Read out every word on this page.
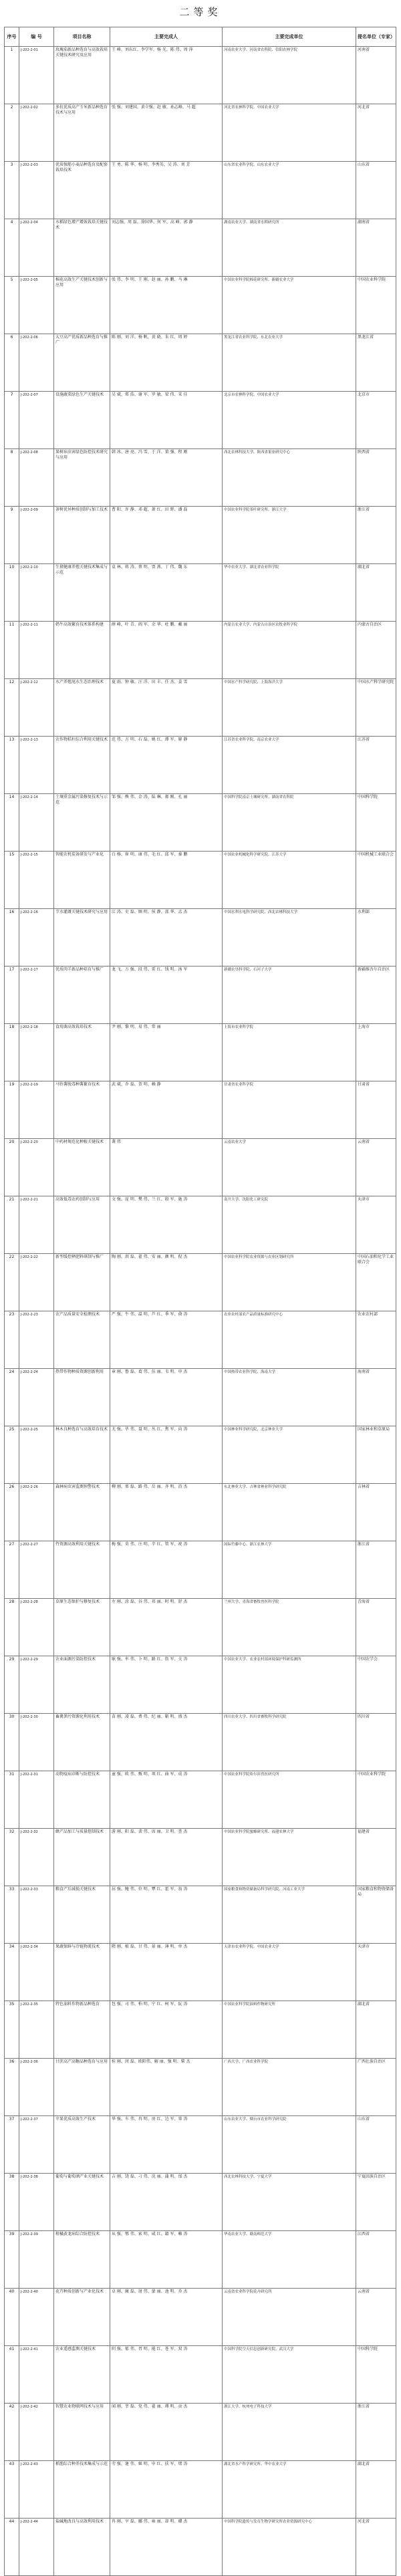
二等奖
序号	编 号	项目名称	主要完成人	主要完成单位	提名单位（专家）
1	J-202-2-01	玫瑰茄新品种选育与高效栽培关键技术研究及应用	王 峰、刘东红、李学军、杨 光、陈 伟、周 萍	河南农业大学、河南省农科院、信阳农林学院	河南省
2	J-202-2-02	多抗优质高产玉米新品种选育技术与应用	张 强、刘建国、黄立强、赵 敏、孙志峰、马 超	河北省农林科学院、中国农业大学	河北省
3	J-202-2-03	优质强筋小麦品种选育及配套栽培技术	王 勇、陈 华、杨 明、李秀英、吴 涛、刘 芳	山东省农业科学院、山东农业大学	山东省
4	J-202-2-04	水稻绿色增产增效栽培关键技术	刘志强、周 磊、徐国华、何 军、高 峰、郭 静	湖南农业大学、湖南省水稻研究所	湖南省
5	J-202-2-05	棉花高效生产关键技术创新与应用	张 伟、李 明、王 刚、赵 丽、孙 鹏、马 琳	中国农业科学院棉花研究所、新疆农业大学	中国农业科学院
6	J-202-2-06	大豆高产优质新品种选育与推广	陈 刚、刘 洋、杨 帆、黄 晓、朱 红、周 婷	黑龙江省农业科学院、东北农业大学	黑龙江省
7	J-202-2-07	设施蔬菜绿色生产关键技术	吴 斌、郑 浩、谢 军、罗 敏、梁 伟、宋 佳	北京市农林科学院、中国农业大学	北京市
8	J-202-2-08	果树病虫害绿色防控技术研究与应用	韩 冰、唐 亮、冯 雪、于 洋、董 强、程 刚	西北农林科技大学、陕西省果业研究中心	陕西省
9	J-202-2-09	茶树优异种质创制与加工技术	曹 阳、许 静、邓 超、萧 红、田 野、潘 磊	中国农业科学院茶叶研究所、浙江大学	浙江省
10	J-202-2-10	生猪健康养殖关键技术集成与示范	袁 林、蒋 涛、蔡 明、贾 燕、丁 伟、魏 东	华中农业大学、湖北省农业科学院	湖北省
11	J-202-2-11	奶牛高效繁育技术体系构建	薛 峰、叶 青、阎 军、余 华、杜 鹏、戴 丽	内蒙古农业大学、内蒙古自治区农牧业科学院	内蒙古自治区
12	J-202-2-12	水产养殖尾水生态治理技术	夏 雨、钟 敏、汪 洋、田 丰、任 杰、姜 雪	中国水产科学研究院、上海海洋大学	中国水产科学研究院
13	J-202-2-13	农作物秸秆综合利用关键技术	范 伟、方 明、石 磊、姚 红、谭 军、廖 静	江苏省农业科学院、南京农业大学	江苏省
14	J-202-2-14	土壤重金属污染修复技术与示范	邹 强、熊 伟、金 涛、陆 琳、郝 刚、孔 丽	中国科学院南京土壤研究所、湖南省农科院	中国科学院
15	J-202-2-15	智能农机装备研发与产业化	白 杨、崔 明、康 伟、毛 红、邱 军、秦 鹏	中国农业机械化科学研究院、江苏大学	中国机械工业联合会
16	J-202-2-16	节水灌溉关键技术研究与应用	江 涛、史 磊、顾 明、侯 静、邵 华、孟 杰	中国水利水电科学研究院、西北农林科技大学	水利部
17	J-202-2-17	优质肉羊新品种培育与推广	龙 飞、万 强、段 伟、雷 红、钱 明、汤 军	新疆农垦科学院、石河子大学	新疆维吾尔自治区
18	J-202-2-18	食用菌高效栽培技术	尹 刚、黎 明、易 伟、常 丽	上海市农业科学院	上海市
19	J-202-2-19	马铃薯脱毒种薯繁育技术	武 斌、乔 磊、贺 明、赖 静	甘肃省农业科学院	甘肃省
20	J-202-2-20	中药材规范化种植关键技术	龚 伟	云南农业大学	云南省
21	J-202-2-21	高效低毒农药创制与应用	文 强、庞 明、樊 伟、兰 红、殷 军、施 涛	南开大学、沈阳化工研究院	天津市
22	J-202-2-22	新型缓控释肥料研制与推广	陶 刚、洪 磊、翟 伟、安 丽、颜 明、倪 杰	中国农业科学院农业资源与农业区划研究所	中国石油和化学工业联合会
23	J-202-2-23	农产品质量安全检测技术	严 强、牛 伟、温 明、芦 红、季 军、俞 涛	农业农村部农产品质量标准研究中心	农业农村部
24	J-202-2-24	热带作物种质资源创新利用	章 刚、鲁 磊、葛 伟、伍 丽、韦 明、申 杰	中国热带农业科学院、海南大学	海南省
25	J-202-2-25	林木良种选育与高效培育技术	尤 强、毕 伟、聂 明、丛 红、焦 军、向 涛	中国林业科学研究院、北京林业大学	国家林业和草原局
26	J-202-2-26	森林病虫害监测预警技术	柳 刚、邢 磊、路 伟、岳 丽、齐 明、沿 杰	东北林业大学、吉林省林业科学研究院	吉林省
27	J-202-2-27	竹资源高效利用关键技术	梅 强、莫 伟、庄 明、辛 红、管 军、祝 涛	国际竹藤中心、浙江农林大学	浙江省
28	J-202-2-28	草原生态保护与修复技术	左 刚、涂 磊、谷 伟、祁 丽、时 明、舒 杰	兰州大学、青海省畜牧兽医科学院	青海省
29	J-202-2-29	农业面源污染防控技术	耿 强、牟 伟、卜 明、路 红、詹 军、关 涛	中国农业大学、农业农村部环境保护科研监测所	中国农学会
30	J-202-2-30	畜禽粪污资源化利用技术	苗 刚、凌 磊、费 伟、纪 丽、靳 明、盛 杰	四川农业大学、四川省畜牧科学研究院	四川省
31	J-202-2-31	动物疫病诊断与防控技术	童 强、欧 伟、甄 明、项 红、曲 军、成 涛	中国农业科学院哈尔滨兽医研究所	中国农业科学院
32	J-202-2-32	蜂产品加工与质量控制技术	游 刚、阳 磊、裴 伟、席 丽、卫 明、查 杰	中国农业科学院蜜蜂研究所、福建农林大学	福建省
33	J-202-2-33	粮食产后减损关键技术	屈 强、鲍 伟、位 明、覃 红、霍 军、翁 涛	国家粮食和物资储备局科学研究院、河南工业大学	国家粮食和物资储备局
34	J-202-2-34	果蔬保鲜与冷链物流技术	隋 刚、植 磊、甘 伟、景 丽、薄 明、单 杰	天津市农业科学院、中国农业大学	天津市
35	J-202-2-35	特色油料作物新品种选育	包 强、司 伟、柏 明、宁 红、柯 军、阮 涛	中国农业科学院油料作物研究所	湖北省
36	J-202-2-36	甘蔗高产高糖品种选育与应用	桂 刚、闵 磊、欧阳伟、解 丽、强 明、柴 杰	广西大学、广西农业科学院	广西壮族自治区
37	J-202-2-37	苹果优质高效生产技术	华 强、车 伟、冉 明、房 红、边 军、辜 涛	山东农业大学、烟台市农业科学研究院	山东省
38	J-202-2-38	葡萄与葡萄酒产业关键技术	吉 刚、饶 磊、刁 伟、沈 丽、蒲 明、邰 杰	西北农林科技大学、宁夏大学	宁夏回族自治区
39	J-202-2-39	柑橘黄龙病综合防控技术	从 强、鄂 伟、索 明、咸 红、籍 军、赖 涛	华南农业大学、赣南师范大学	江西省
40	J-202-2-40	花卉种质创新与产业化技术	卓 刚、蔺 磊、屠 伟、蒙 丽、池 明、乔 杰	云南省农业科学院花卉研究所	云南省
41	J-202-2-41	农业遥感监测关键技术	阴 强、郁 伟、胥 明、能 红、苍 军、双 涛	中国科学院空天信息创新研究院、武汉大学	中国科学院
42	J-202-2-42	智慧农业物联网技术与应用	闻 刚、莘 磊、党 伟、翟 丽、谭 明、贡 杰	浙江大学、杭州电子科技大学	浙江省
43	J-202-2-43	稻渔综合种养技术集成与示范	劳 强、逄 伟、姬 明、申 红、扶 军、堵 涛	湖北省水产科学研究所、华中农业大学	湖北省
44	J-202-2-44	盐碱地改良与高效利用技术	冉 刚、宰 磊、郦 伟、雍 丽、却 明、璩 杰	中国科学院遗传与发育生物学研究所农业资源研究中心	河北省
